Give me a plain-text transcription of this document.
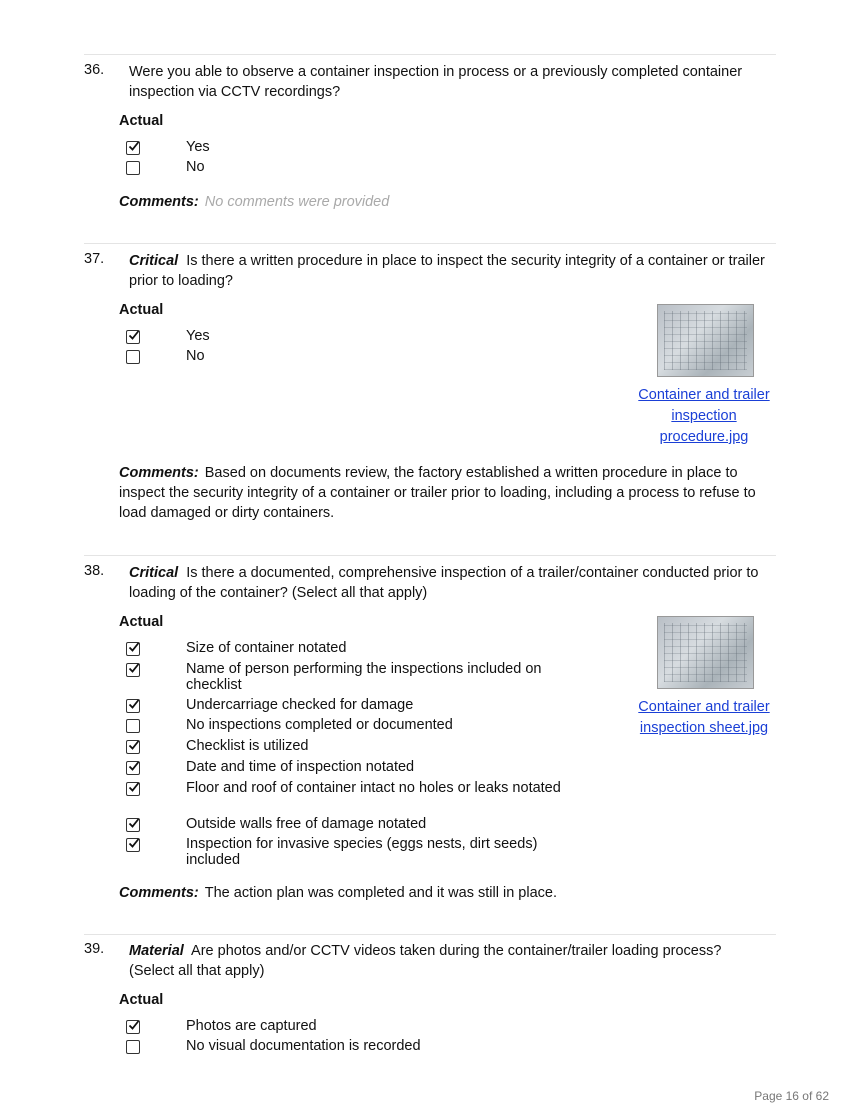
36. Were you able to observe a container inspection in process or a previously completed container inspection via CCTV recordings?
Actual
Yes
No
Comments: No comments were provided
37. Critical Is there a written procedure in place to inspect the security integrity of a container or trailer prior to loading?
Actual
Yes
No
Container and trailer inspection procedure.jpg
Comments: Based on documents review, the factory established a written procedure in place to inspect the security integrity of a container or trailer prior to loading, including a process to refuse to load damaged or dirty containers.
38. Critical Is there a documented, comprehensive inspection of a trailer/container conducted prior to loading of the container? (Select all that apply)
Actual
Size of container notated
Name of person performing the inspections included on checklist
Undercarriage checked for damage
No inspections completed or documented
Checklist is utilized
Date and time of inspection notated
Floor and roof of container intact no holes or leaks notated
Outside walls free of damage notated
Inspection for invasive species (eggs nests, dirt seeds) included
Container and trailer inspection sheet.jpg
Comments: The action plan was completed and it was still in place.
39. Material Are photos and/or CCTV videos taken during the container/trailer loading process? (Select all that apply)
Actual
Photos are captured
No visual documentation is recorded
Page 16 of 62
